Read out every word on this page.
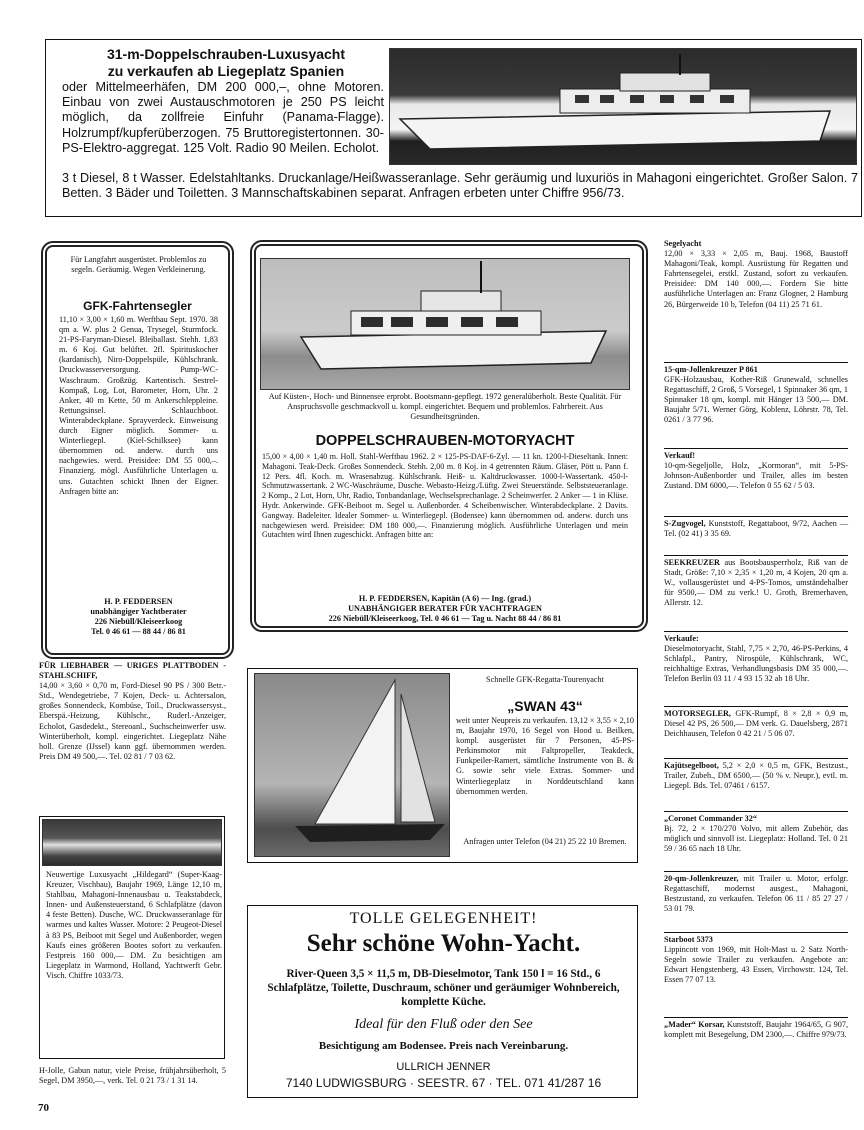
31-m-Doppelschrauben-Luxusyacht
zu verkaufen ab Liegeplatz Spanien
oder Mittelmeerhäfen, DM 200 000,–, ohne Motoren. Einbau von zwei Austauschmotoren je 250 PS leicht möglich, da zollfreie Einfuhr (Panama-Flagge). Holzrumpf/kupferüberzogen. 75 Bruttoregistertonnen. 30-PS-Elektro-aggregat. 125 Volt. Radio 90 Meilen. Echolot.
3 t Diesel, 8 t Wasser. Edelstahltanks. Druckanlage/Heißwasseranlage. Sehr geräumig und luxuriös in Mahagoni eingerichtet. Großer Salon. 7 Betten. 3 Bäder und Toiletten. 3 Mannschaftskabinen separat. Anfragen erbeten unter Chiffre 956/73.
Für Langfahrt ausgerüstet. Problemlos zu segeln. Geräumig. Wegen Verkleinerung.
GFK-Fahrtensegler
11,10 × 3,00 × 1,60 m. Werftbau Sept. 1970. 38 qm a. W. plus 2 Genua, Trysegel, Sturmfock. 21-PS-Faryman-Diesel. Bleiballast. Stehh. 1,83 m. 6 Koj. Gut belüftet. 2fl. Spirituskocher (kardanisch), Niro-Doppelspüle, Kühlschrank. Druckwasserversorgung. Pump-WC-Waschraum. Großzüg. Kartentisch. Sestrel-Kompaß, Log, Lot, Barometer, Horn, Uhr. 2 Anker, 40 m Kette, 50 m Ankerschleppleine. Rettungsinsel. Schlauchboot. Winterabdeckplane. Sprayverdeck. Einweisung durch Eigner möglich. Sommer- u. Winterliegepl. (Kiel-Schilksee) kann übernommen od. anderw. durch uns nachgewies. werd. Preisidee: DM 55 000,–. Finanzierg. mögl. Ausführliche Unterlagen u. uns. Gutachten schickt Ihnen der Eigner. Anfragen bitte an:
H. P. FEDDERSEN
unabhängiger Yachtberater
226 Niebüll/Kleiseerkoog
Tel. 0 46 61 — 88 44 / 86 81
Auf Küsten-, Hoch- und Binnensee erprobt. Bootsmann-gepflegt. 1972 generalüberholt. Beste Qualität. Für Anspruchsvolle geschmackvoll u. kompl. eingerichtet. Bequem und problemlos. Fahrbereit. Aus Gesundheitsgründen.
DOPPELSCHRAUBEN-MOTORYACHT
15,00 × 4,00 × 1,40 m. Holl. Stahl-Werftbau 1962. 2 × 125-PS-DAF-6-Zyl. — 11 kn. 1200-l-Dieseltank. Innen: Mahagoni. Teak-Deck. Großes Sonnendeck. Stehh. 2,00 m. 8 Koj. in 4 getrennten Räum. Gläser, Pött u. Pann f. 12 Pers. 4fl. Koch. m. Wrasenabzug. Kühlschrank. Heiß- u. Kaltdruckwasser. 1000-l-Wassertank. 450-l-Schmutzwassertank. 2 WC-Waschräume, Dusche. Webasto-Heizg./Lüftg. Zwei Steuerstände. Selbststeueranlage. 2 Komp., 2 Lot, Horn, Uhr, Radio, Tonbandanlage, Wechselsprechanlage. 2 Scheinwerfer. 2 Anker — 1 in Klüse. Hydr. Ankerwinde. GFK-Beiboot m. Segel u. Außenborder. 4 Scheibenwischer. Winterabdeckplane. 2 Davits. Gangway. Badeleiter. Idealer Sommer- u. Winterliegepl. (Bodensee) kann übernommen od. anderw. durch uns nachgewiesen werd. Preisidee: DM 180 000,—. Finanzierung möglich. Ausführliche Unterlagen und mein Gutachten wird Ihnen zugeschickt. Anfragen bitte an:
H. P. FEDDERSEN, Kapitän (A 6) — Ing. (grad.)
UNABHÄNGIGER BERATER FÜR YACHTFRAGEN
226 Niebüll/Kleiseerkoog, Tel. 0 46 61 — Tag u. Nacht 88 44 / 86 81
FÜR LIEBHABER — URIGES PLATTBODEN - STAHLSCHIFF,
14,00 × 3,60 × 0,70 m, Ford-Diesel 90 PS / 300 Betr.-Std., Wendegetriebe, 7 Kojen, Deck- u. Achtersalon, großes Sonnendeck, Kombüse, Toil., Druckwassersyst., Eberspä.-Heizung, Kühlschr., Ruderl.-Anzeiger, Echolot, Gasdedekt., Stereoanl., Suchscheinwerfer usw. Winterüberholt, kompl. eingerichtet. Liegeplatz Nähe holl. Grenze (IJssel) kann ggf. übernommen werden. Preis DM 49 500,—. Tel. 02 81 / 7 03 62.
Neuwertige Luxusyacht „Hildegard“ (Super-Kaag-Kreuzer, Vischbau), Baujahr 1969, Länge 12,10 m, Stahlbau, Mahagoni-Innenausbau u. Teakstabdeck, Innen- und Außensteuerstand, 6 Schlafplätze (davon 4 feste Betten). Dusche, WC. Druckwasseranlage für warmes und kaltes Wasser. Motore: 2 Peugeot-Diesel à 83 PS, Beiboot mit Segel und Außenborder, wegen Kaufs eines größeren Bootes sofort zu verkaufen. Festpreis 160 000,— DM. Zu besichtigen am Liegeplatz in Warmond, Holland, Yachtwerft Gebr. Visch. Chiffre 1033/73.
H-Jolle, Gabun natur, viele Preise, frühjahrsüberholt, 5 Segel, DM 3950,—, verk. Tel. 0 21 73 / 1 31 14.
Schnelle GFK-Regatta-Tourenyacht
„SWAN 43“
weit unter Neupreis zu verkaufen. 13,12 × 3,55 × 2,10 m, Baujahr 1970, 16 Segel von Hood u. Beilken, kompl. ausgerüstet für 7 Personen, 45-PS-Perkinsmotor mit Faltpropeller, Teakdeck, Funkpeiler-Ramert, sämtliche Instrumente von B. & G. sowie sehr viele Extras. Sommer- und Winterliegeplatz in Norddeutschland kann übernommen werden.
Anfragen unter Telefon (04 21) 25 22 10 Bremen.
TOLLE GELEGENHEIT!
Sehr schöne Wohn-Yacht.
River-Queen 3,5 × 11,5 m, DB-Dieselmotor, Tank 150 l = 16 Std., 6 Schlafplätze, Toilette, Duschraum, schöner und geräumiger Wohnbereich, komplette Küche.
Ideal für den Fluß oder den See
Besichtigung am Bodensee. Preis nach Vereinbarung.
ULLRICH JENNER
7140 LUDWIGSBURG · SEESTR. 67 · TEL. 071 41/287 16
Segelyacht
12,00 × 3,33 × 2,05 m, Bauj. 1968, Baustoff Mahagoni/Teak, kompl. Ausrüstung für Regatten und Fahrtensegelei, erstkl. Zustand, sofort zu verkaufen. Preisidee: DM 140 000,—. Fordern Sie bitte ausführliche Unterlagen an: Franz Glogner, 2 Hamburg 26, Bürgerweide 10 b, Telefon (04 11) 25 71 61.
15-qm-Jollenkreuzer P 861
GFK-Holzausbau, Kother-Riß Grunewald, schnelles Regattaschiff, 2 Groß, 5 Vorsegel, 1 Spinnaker 36 qm, 1 Spinnaker 18 qm, kompl. mit Hänger 13 500,— DM. Baujahr 5/71. Werner Görg, Koblenz, Löhrstr. 78, Tel. 0261 / 3 77 96.
Verkauf!
10-qm-Segeljolle, Holz, „Kormoran“, mit 5-PS-Johnson-Außenborder und Trailer, alles im besten Zustand. DM 6000,—. Telefon 0 55 62 / 5 03.
S-Zugvogel, Kunststoff, Regattaboot, 9/72, Aachen — Tel. (02 41) 3 35 69.
SEEKREUZER aus Bootsbausperrholz, Riß van de Stadt, Größe: 7,10 × 2,35 × 1,20 m, 4 Kojen, 20 qm a. W., vollausgerüstet und 4-PS-Tomos, umständehalber für 9500,— DM zu verk.! U. Groth, Bremerhaven, Allerstr. 12.
Verkaufe:
Dieselmotoryacht, Stahl, 7,75 × 2,70, 46-PS-Perkins, 4 Schlafpl., Pantry, Nirospüle, Kühlschrank, WC, reichhaltige Extras, Verhandlungsbasis DM 35 000,—. Telefon Berlin 03 11 / 4 93 15 32 ab 18 Uhr.
MOTORSEGLER, GFK-Rumpf, 8 × 2,8 × 0,9 m, Diesel 42 PS, 26 500,— DM verk. G. Dauelsberg, 2871 Deichhausen, Telefon 0 42 21 / 5 06 07.
Kajütsegelboot, 5,2 × 2,0 × 0,5 m, GFK, Bestzust., Trailer, Zubeh., DM 6500,— (50 % v. Neupr.), evtl. m. Liegepl. Bds. Tel. 07461 / 6157.
„Coronet Commander 32“
Bj. 72, 2 × 170/270 Volvo, mit allem Zubehör, das möglich und sinnvoll ist. Liegeplatz: Holland. Tel. 0 21 59 / 36 65 nach 18 Uhr.
20-qm-Jollenkreuzer, mit Trailer u. Motor, erfolgr. Regattaschiff, modernst ausgest., Mahagoni, Bestzustand, zu verkaufen. Telefon 06 11 / 85 27 27 / 53 01 79.
Starboot 5373
Lippincott von 1969, mit Holt-Mast u. 2 Satz North-Segeln sowie Trailer zu verkaufen. Angebote an: Edwart Hengstenberg, 43 Essen, Virchowstr. 124, Tel. Essen 77 07 13.
„Mader“ Korsar, Kunststoff, Baujahr 1964/65, G 907, komplett mit Besegelung, DM 2300,—. Chiffre 979/73.
70
